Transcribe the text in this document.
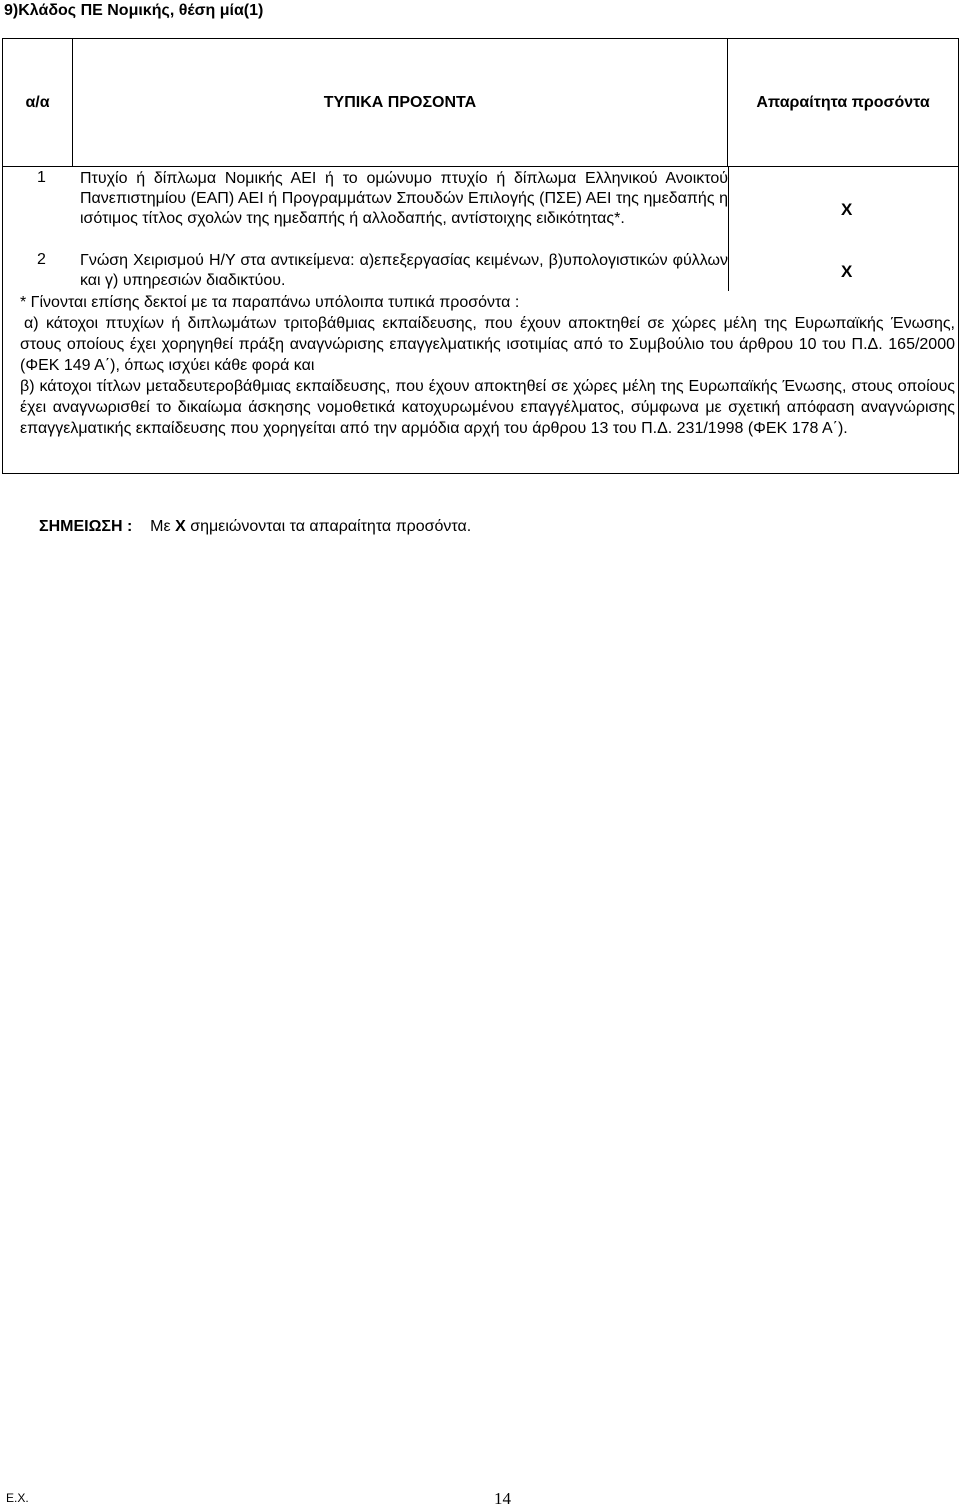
9)Κλάδος ΠΕ Νομικής, θέση μία(1)
α/α	ΤΥΠΙΚΑ ΠΡΟΣΟΝΤΑ	Απαραίτητα προσόντα
1 Πτυχίο ή δίπλωμα Νομικής ΑΕΙ ή το ομώνυμο πτυχίο ή δίπλωμα Ελληνικού Ανοικτού Πανεπιστημίου (ΕΑΠ) ΑΕΙ ή Προγραμμάτων Σπουδών Επιλογής (ΠΣΕ) ΑΕΙ της ημεδαπής η ισότιμος τίτλος σχολών της ημεδαπής ή αλλοδαπής, αντίστοιχης ειδικότητας*.	Χ
2 Γνώση Χειρισμού Η/Υ στα αντικείμενα: α)επεξεργασίας κειμένων, β)υπολογιστικών φύλλων και γ) υπηρεσιών διαδικτύου.	Χ

* Γίνονται επίσης δεκτοί με τα παραπάνω υπόλοιπα τυπικά προσόντα :

α) κάτοχοι πτυχίων ή διπλωμάτων τριτοβάθμιας εκπαίδευσης, που έχουν αποκτηθεί σε χώρες μέλη της Ευρωπαϊκής Ένωσης, στους οποίους έχει χορηγηθεί πράξη αναγνώρισης επαγγελματικής ισοτιμίας από το Συμβούλιο του άρθρου 10 του Π.Δ. 165/2000 (ΦΕΚ 149 Α΄), όπως ισχύει κάθε φορά και

β) κάτοχοι τίτλων μεταδευτεροβάθμιας εκπαίδευσης, που έχουν αποκτηθεί σε χώρες μέλη της Ευρωπαϊκής Ένωσης, στους οποίους έχει αναγνωρισθεί το δικαίωμα άσκησης νομοθετικά κατοχυρωμένου επαγγέλματος, σύμφωνα με σχετική απόφαση αναγνώρισης επαγγελματικής εκπαίδευσης που χορηγείται από την αρμόδια αρχή του άρθρου 13 του Π.Δ. 231/1998 (ΦΕΚ 178 Α΄).

ΣΗΜΕΙΩΣΗ : Με Χ σημειώνονται τα απαραίτητα προσόντα.
Ε.Χ.	14
